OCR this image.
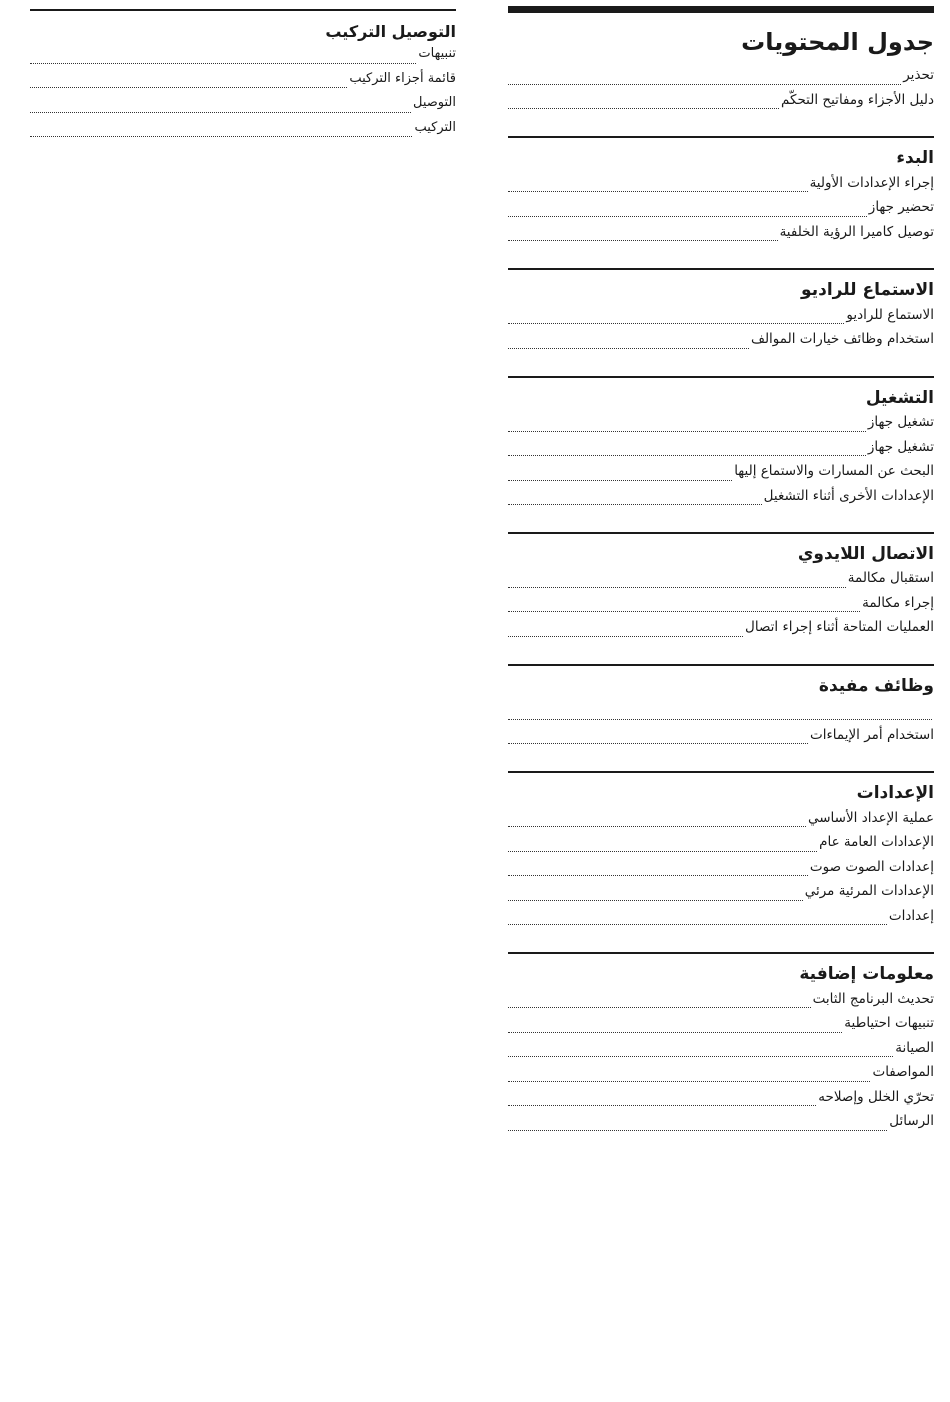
جدول المحتويات
تحذير
دليل الأجزاء ومفاتيح التحكّم
البدء
إجراء الإعدادات الأولية
تحضير جهاز
توصيل كاميرا الرؤية الخلفية
الاستماع للراديو
الاستماع للراديو
استخدام وظائف خيارات الموالف
التشغيل
تشغيل جهاز
تشغيل جهاز
البحث عن المسارات والاستماع إليها
الإعدادات الأخرى أثناء التشغيل
الاتصال اللايدوي
استقبال مكالمة
إجراء مكالمة
العمليات المتاحة أثناء إجراء اتصال
وظائف مفيدة
استخدام أمر الإيماءات
الإعدادات
عملية الإعداد الأساسي
الإعدادات العامة عام
إعدادات الصوت صوت
الإعدادات المرئية مرئي
إعدادات
معلومات إضافية
تحديث البرنامج الثابت
تنبيهات احتياطية
الصيانة
المواصفات
تحرّي الخلل وإصلاحه
الرسائل
التوصيل التركيب
تنبيهات
قائمة أجزاء التركيب
التوصيل
التركيب
